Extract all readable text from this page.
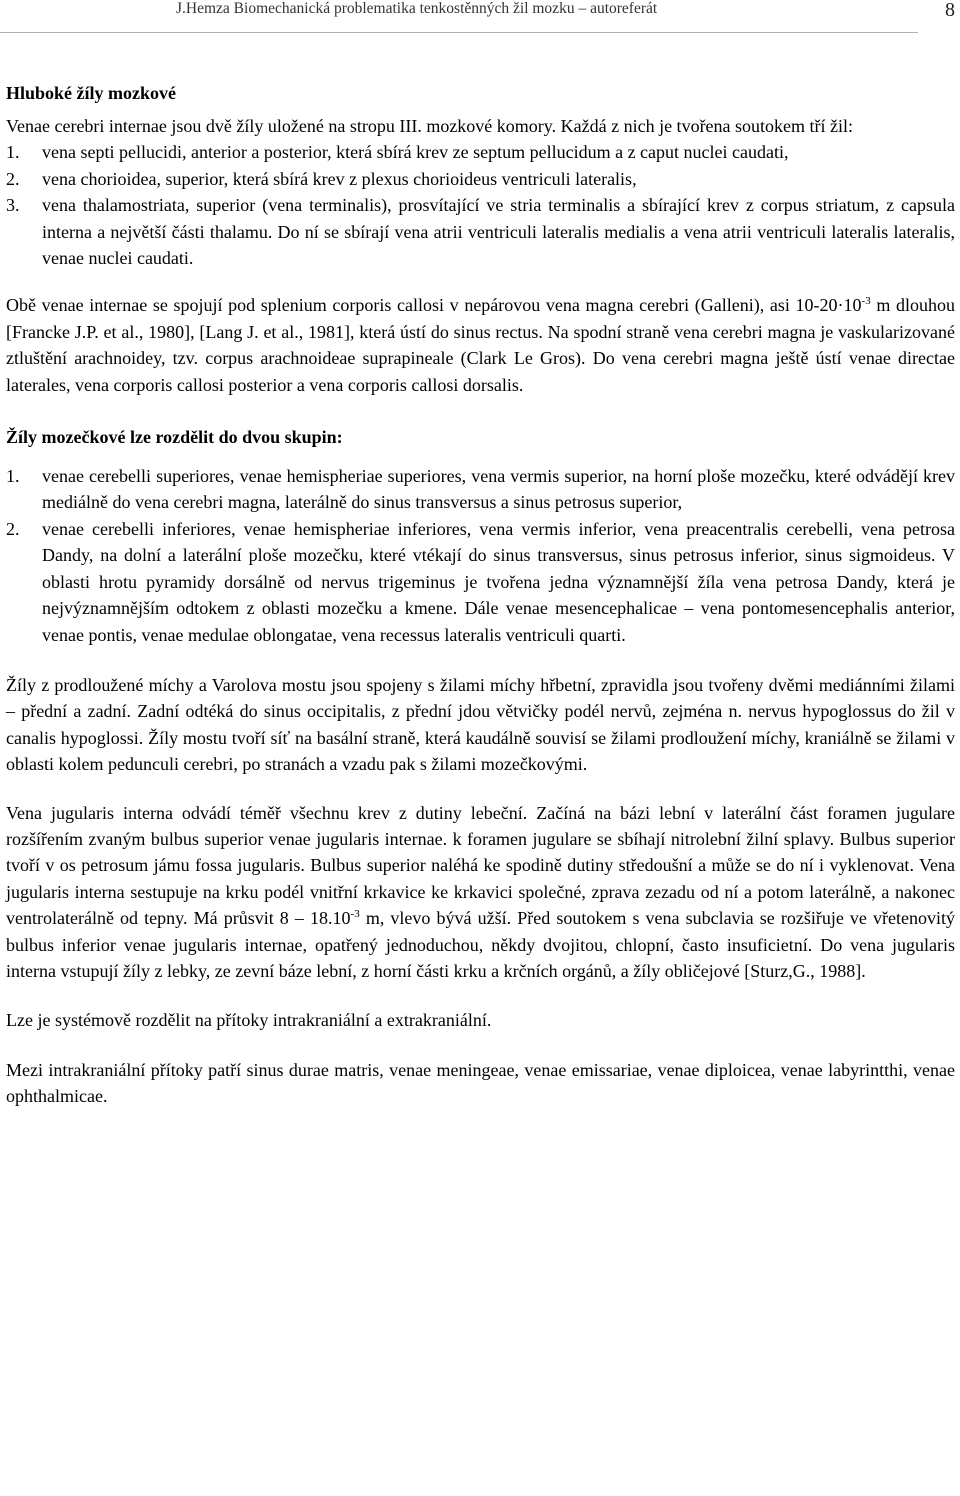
J.Hemza Biomechanická problematika tenkostěnných žil mozku – autoreferát	8

Hluboké žíly mozkové

Venae cerebri internae jsou dvě žíly uložené na stropu III. mozkové komory. Každá z nich je tvořena soutokem tří žil:

1. vena septi pellucidi, anterior a posterior, která sbírá krev ze septum pellucidum a z caput nuclei caudati,
2. vena chorioidea, superior, která sbírá krev z plexus chorioideus ventriculi lateralis,
3. vena thalamostriata, superior (vena terminalis), prosvítající ve stria terminalis a sbírající krev z corpus striatum, z capsula interna a největší části thalamu. Do ní se sbírají vena atrii ventriculi lateralis medialis a vena atrii ventriculi lateralis lateralis, venae nuclei caudati.

Obě venae internae se spojují pod splenium corporis callosi v nepárovou vena magna cerebri (Galleni), asi $10-20\cdot 10^{-3}$ m dlouhou [Francke J.P. et al., 1980], [Lang J. et al., 1981], která ústí do sinus rectus. Na spodní straně vena cerebri magna je vaskularizované ztluštění arachnoidey, tzv. corpus arachnoideae suprapineale (Clark Le Gros). Do vena cerebri magna ještě ústí venae directae laterales, vena corporis callosi posterior a vena corporis callosi dorsalis.

Žíly mozečkové lze rozdělit do dvou skupin:

1. venae cerebelli superiores, venae hemispheriae superiores, vena vermis superior, na horní ploše mozečku, které odvádějí krev mediálně do vena cerebri magna, laterálně do sinus transversus a sinus petrosus superior,
2. venae cerebelli inferiores, venae hemispheriae inferiores, vena vermis inferior, vena preacentralis cerebelli, vena petrosa Dandy, na dolní a laterální ploše mozečku, které vtékají do sinus transversus, sinus petrosus inferior, sinus sigmoideus. V oblasti hrotu pyramidy dorsálně od nervus trigeminus je tvořena jedna významnější žíla vena petrosa Dandy, která je nejvýznamnějším odtokem z oblasti mozečku a kmene. Dále venae mesencephalicae – vena pontomesencephalis anterior, venae pontis, venae medulae oblongatae, vena recessus lateralis ventriculi quarti.

Žíly z prodloužené míchy a Varolova mostu jsou spojeny s žilami míchy hřbetní, zpravidla jsou tvořeny dvěmi mediánními žilami – přední a zadní. Zadní odtéká do sinus occipitalis, z přední jdou větvičky podél nervů, zejména n. nervus hypoglossus do žil v canalis hypoglossi. Žíly mostu tvoří síť na basální straně, která kaudálně souvisí se žilami prodloužení míchy, kraniálně se žilami v oblasti kolem pedunculi cerebri, po stranách a vzadu pak s žilami mozečkovými.

Vena jugularis interna odvádí téměř všechnu krev z dutiny lebeční. Začíná na bázi lební v laterální část foramen jugulare rozšířením zvaným bulbus superior venae jugularis internae. k foramen jugulare se sbíhají nitrolební žilní splavy. Bulbus superior tvoří v os petrosum jámu fossa jugularis. Bulbus superior naléhá ke spodině dutiny středoušní a může se do ní i vyklenovat. Vena jugularis interna sestupuje na krku podél vnitřní krkavice ke krkavici společné, zprava zezadu od ní a potom laterálně, a nakonec ventrolaterálně od tepny. Má průsvit $8 - 18.10^{-3}$ m, vlevo bývá užší. Před soutokem s vena subclavia se rozšiřuje ve vřetenovitý bulbus inferior venae jugularis internae, opatřený jednoduchou, někdy dvojitou, chlopní, často insuficietní. Do vena jugularis interna vstupují žíly z lebky, ze zevní báze lební, z horní části krku a krčních orgánů, a žíly obličejové [Sturz,G., 1988].

Lze je systémově rozdělit na přítoky intrakraniální a extrakraniální.

Mezi intrakraniální přítoky patří sinus durae matris, venae meningeae, venae emissariae, venae diploicea, venae labyrintthi, venae ophthalmicae.
